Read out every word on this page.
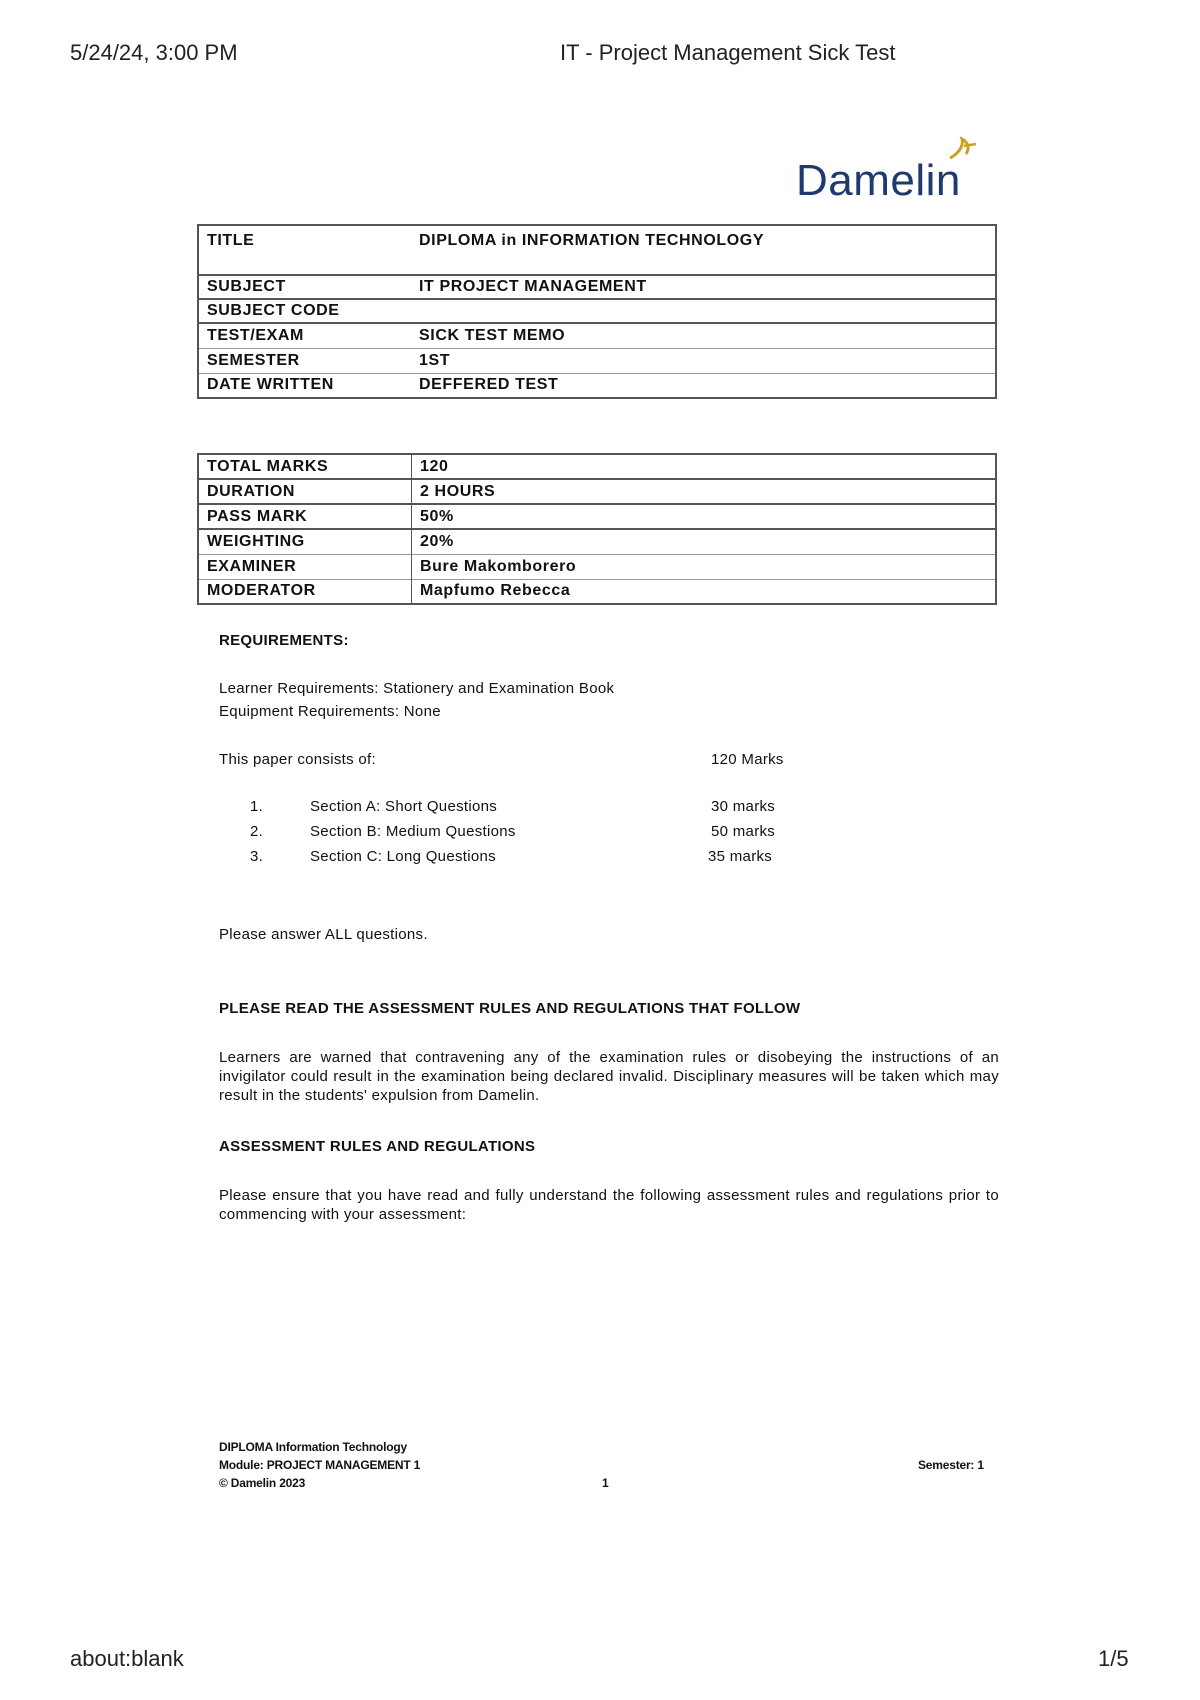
5/24/24, 3:00 PM	IT - Project Management Sick Test
Damelin
TITLE	DIPLOMA in INFORMATION TECHNOLOGY
SUBJECT	IT PROJECT MANAGEMENT
SUBJECT CODE	
TEST/EXAM	SICK TEST MEMO
SEMESTER	1ST
DATE WRITTEN	DEFFERED TEST
TOTAL MARKS	120
DURATION	2 HOURS
PASS MARK	50%
WEIGHTING	20%
EXAMINER	Bure Makomborero
MODERATOR	Mapfumo Rebecca
REQUIREMENTS:
Learner Requirements: Stationery and Examination Book
Equipment Requirements: None
This paper consists of:	120 Marks
1.	Section A: Short Questions	30 marks
2.	Section B: Medium Questions	50 marks
3.	Section C: Long Questions	35 marks
Please answer ALL questions.
PLEASE READ THE ASSESSMENT RULES AND REGULATIONS THAT FOLLOW
Learners are warned that contravening any of the examination rules or disobeying the instructions of an invigilator could result in the examination being declared invalid. Disciplinary measures will be taken which may result in the students' expulsion from Damelin.
ASSESSMENT RULES AND REGULATIONS
Please ensure that you have read and fully understand the following assessment rules and regulations prior to commencing with your assessment:
DIPLOMA Information Technology
Module: PROJECT MANAGEMENT 1
© Damelin 2023
Semester: 1
1
about:blank	1/5
